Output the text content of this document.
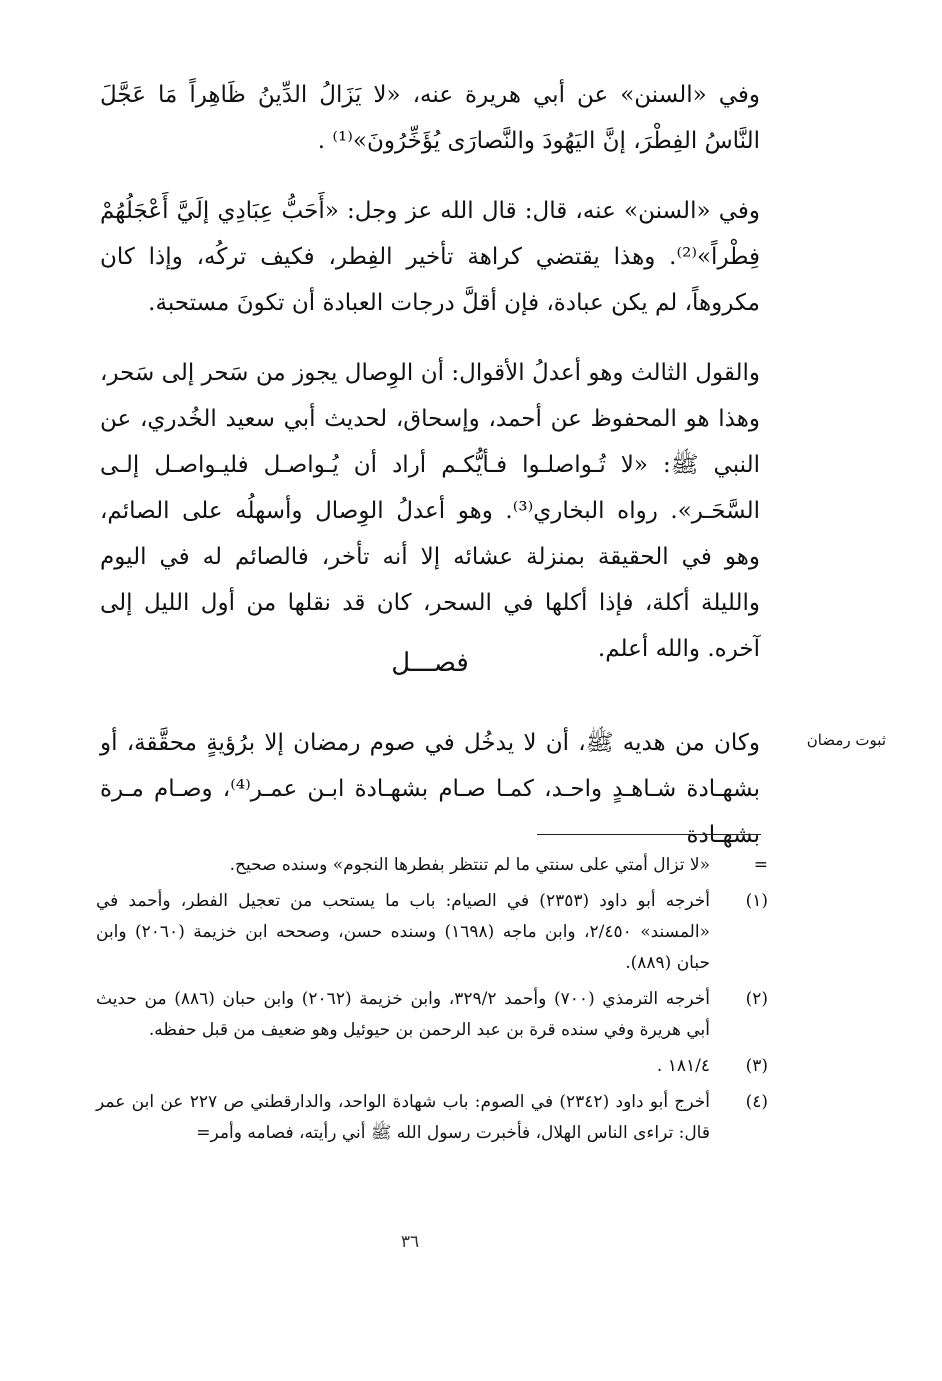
وفي «السنن» عن أبي هريرة عنه، «لا يَزَالُ الدِّينُ ظَاهِراً مَا عَجَّلَ النَّاسُ الفِطْرَ، إنَّ اليَهُودَ والنَّصارَى يُؤَخِّرُونَ»⁽¹⁾ .
وفي «السنن» عنه، قال: قال الله عز وجل: «أَحَبُّ عِبَادِي إلَيَّ أَعْجَلُهُمْ فِطْراً»⁽²⁾. وهذا يقتضي كراهة تأخير الفِطر، فكيف تركُه، وإذا كان مكروهاً، لم يكن عبادة، فإن أقلَّ درجات العبادة أن تكونَ مستحبة.
والقول الثالث وهو أعدلُ الأقوال: أن الوِصال يجوز من سَحر إلى سَحر، وهذا هو المحفوظ عن أحمد، وإسحاق، لحديث أبي سعيد الخُدري، عن النبي ﷺ: «لا تُـواصلـوا فـأيُّكـم أراد أن يُـواصـل فليـواصـل إلـى السَّحَـر». رواه البخاري⁽³⁾. وهو أعدلُ الوِصال وأسهلُه على الصائم، وهو في الحقيقة بمنزلة عشائه إلا أنه تأخر، فالصائم له في اليوم والليلة أكلة، فإذا أكلها في السحر، كان قد نقلها من أول الليل إلى آخره. والله أعلم.
فصـــل
ثبوت رمضان
وكان من هديه ﷺ، أن لا يدخُل في صوم رمضان إلا برُؤيةٍ محقَّقة، أو بشهـادة شـاهـدٍ واحـد، كمـا صـام بشهـادة ابـن عمـر⁽⁴⁾، وصـام مـرة بشهـادة
=
«لا تزال أمتي على سنتي ما لم تنتظر بفطرها النجوم» وسنده صحيح.
(١)
أخرجه أبو داود (٢٣٥٣) في الصيام: باب ما يستحب من تعجيل الفطر، وأحمد في «المسند» ٢/٤٥٠، وابن ماجه (١٦٩٨) وسنده حسن، وصححه ابن خزيمة (٢٠٦٠) وابن حبان (٨٨٩).
(٢)
أخرجه الترمذي (٧٠٠) وأحمد ٣٢٩/٢، وابن خزيمة (٢٠٦٢) وابن حبان (٨٨٦) من حديث أبي هريرة وفي سنده قرة بن عبد الرحمن بن حيوئيل وهو ضعيف من قبل حفظه.
(٣)
١٨١/٤ .
(٤)
أخرج أبو داود (٢٣٤٢) في الصوم: باب شهادة الواحد، والدارقطني ص ٢٢٧ عن ابن عمر قال: تراءى الناس الهلال، فأخبرت رسول الله ﷺ أني رأيته، فصامه وأمر=
٣٦
